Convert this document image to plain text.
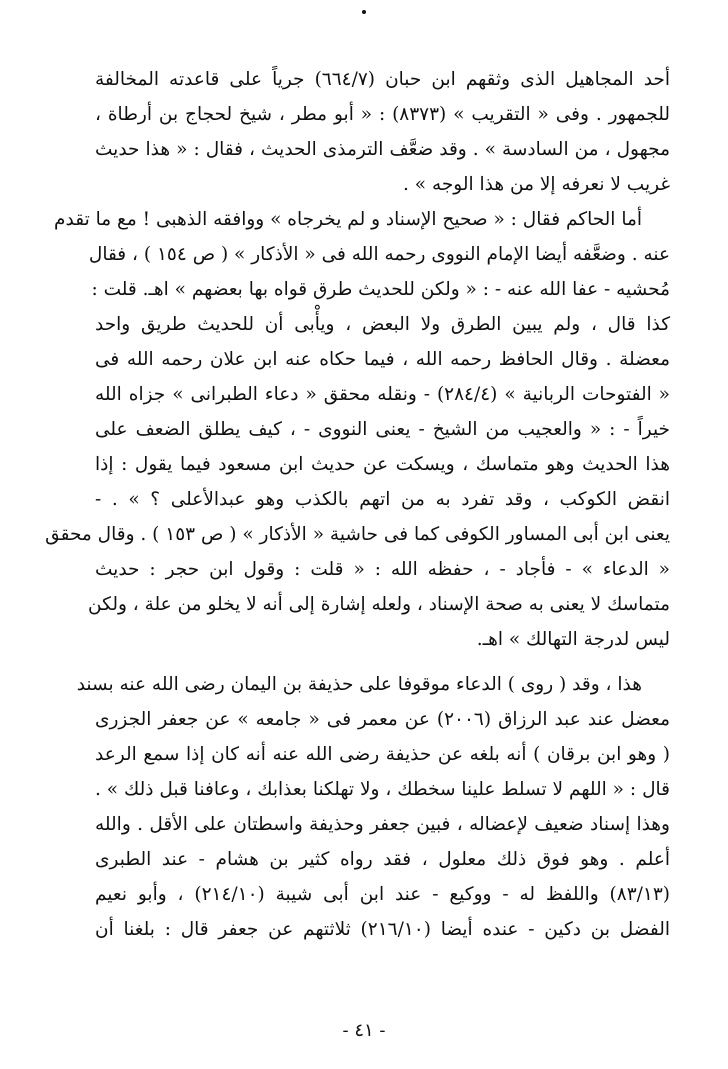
أحد المجاهيل الذى وثقهم ابن حبان (٦٦٤/٧) جرياً على قاعدته المخالفة
للجمهور . وفى « التقريب » (٨٣٧٣) : « أبو مطر ، شيخ لحجاج بن أرطاة ،
مجهول ، من السادسة » . وقد ضعَّف الترمذى الحديث ، فقال : « هذا حديث
غريب لا نعرفه إلا من هذا الوجه » .
أما الحاكم فقال : « صحيح الإسناد و لم يخرجاه » ووافقه الذهبى ! مع ما تقدم
عنه . وضعَّفه أيضا الإمام النووى رحمه الله فى « الأذكار » ( ص ١٥٤ ) ، فقال
مُحشيه - عفا الله عنه - : « ولكن للحديث طرق قواه بها بعضهم » اهـ. قلت :
كذا قال ، ولم يبين الطرق ولا البعض ، ويأْبى أن للحديث طريق واحد
معضلة . وقال الحافظ رحمه الله ، فيما حكاه عنه ابن علان رحمه الله فى
« الفتوحات الربانية » (٢٨٤/٤) - ونقله محقق « دعاء الطبرانى » جزاه الله
خيراً - : « والعجيب من الشيخ - يعنى النووى - ، كيف يطلق الضعف على
هذا الحديث وهو متماسك ، ويسكت عن حديث ابن مسعود فيما يقول : إذا
انقض الكوكب ، وقد تفرد به من اتهم بالكذب وهو عبدالأعلى ؟ » . -
يعنى ابن أبى المساور الكوفى كما فى حاشية « الأذكار » ( ص ١٥٣ ) . وقال محقق
« الدعاء » - فأجاد - ، حفظه الله : « قلت : وقول ابن حجر : حديث
متماسك لا يعنى به صحة الإسناد ، ولعله إشارة إلى أنه لا يخلو من علة ، ولكن
ليس لدرجة التهالك » اهـ.
هذا ، وقد ( روى ) الدعاء موقوفا على حذيفة بن اليمان رضى الله عنه بسند
معضل عند عبد الرزاق (٢٠٠٦) عن معمر فى « جامعه » عن جعفر الجزرى
( وهو ابن برقان ) أنه بلغه عن حذيفة رضى الله عنه أنه كان إذا سمع الرعد
قال : « اللهم لا تسلط علينا سخطك ، ولا تهلكنا بعذابك ، وعافنا قبل ذلك » .
وهذا إسناد ضعيف لإعضاله ، فبين جعفر وحذيفة واسطتان على الأقل . والله
أعلم . وهو فوق ذلك معلول ، فقد رواه كثير بن هشام - عند الطبرى
(٨٣/١٣) واللفظ له - ووكيع - عند ابن أبى شيبة (٢١٤/١٠) ، وأبو نعيم
الفضل بن دكين - عنده أيضا (٢١٦/١٠) ثلاثتهم عن جعفر قال : بلغنا أن
- ٤١ -
